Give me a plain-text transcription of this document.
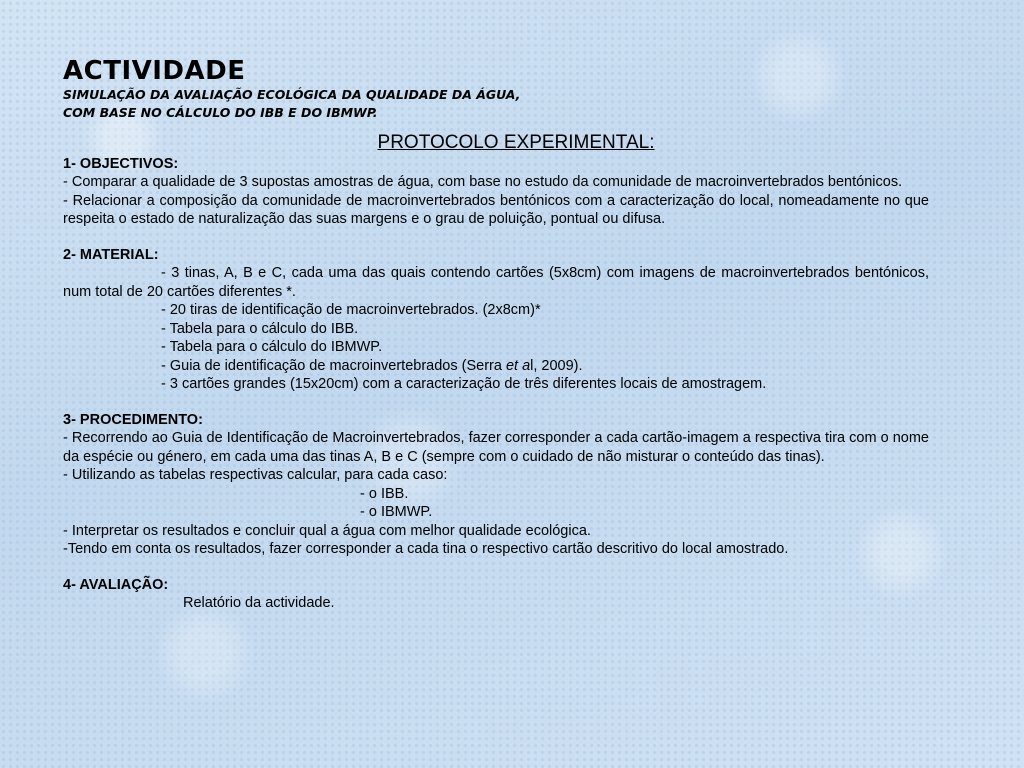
ACTIVIDADE
SIMULAÇÃO DA AVALIAÇÃO ECOLÓGICA DA QUALIDADE DA ÁGUA,
COM BASE NO CÁLCULO DO IBB E DO IBMWP.
PROTOCOLO EXPERIMENTAL:
1- OBJECTIVOS:
- Comparar a qualidade de 3 supostas amostras de água, com base no estudo da comunidade de macroinvertebrados bentónicos.
- Relacionar a composição da comunidade de macroinvertebrados bentónicos com a caracterização do local, nomeadamente no que respeita o estado de naturalização das suas margens e o grau de poluição, pontual ou difusa.
2- MATERIAL:
- 3 tinas, A, B e C, cada uma das quais contendo cartões (5x8cm) com imagens de macroinvertebrados bentónicos, num total de 20 cartões diferentes *.
- 20 tiras de identificação de macroinvertebrados. (2x8cm)*
- Tabela para o cálculo do IBB.
- Tabela para o cálculo do IBMWP.
- Guia de identificação de macroinvertebrados (Serra et al, 2009).
- 3 cartões grandes (15x20cm) com a caracterização de três diferentes locais de amostragem.
3- PROCEDIMENTO:
- Recorrendo ao Guia de Identificação de Macroinvertebrados, fazer corresponder a cada cartão-imagem a respectiva tira com o nome da espécie ou género, em cada uma das tinas A, B e C (sempre com o cuidado de não misturar o conteúdo das tinas).
- Utilizando as tabelas respectivas calcular, para cada caso:
- o IBB.
- o IBMWP.
- Interpretar os resultados e concluir qual a água com melhor qualidade ecológica.
-Tendo em conta os resultados, fazer corresponder a cada tina o respectivo cartão descritivo do local amostrado.
4- AVALIAÇÃO:
Relatório da actividade.
